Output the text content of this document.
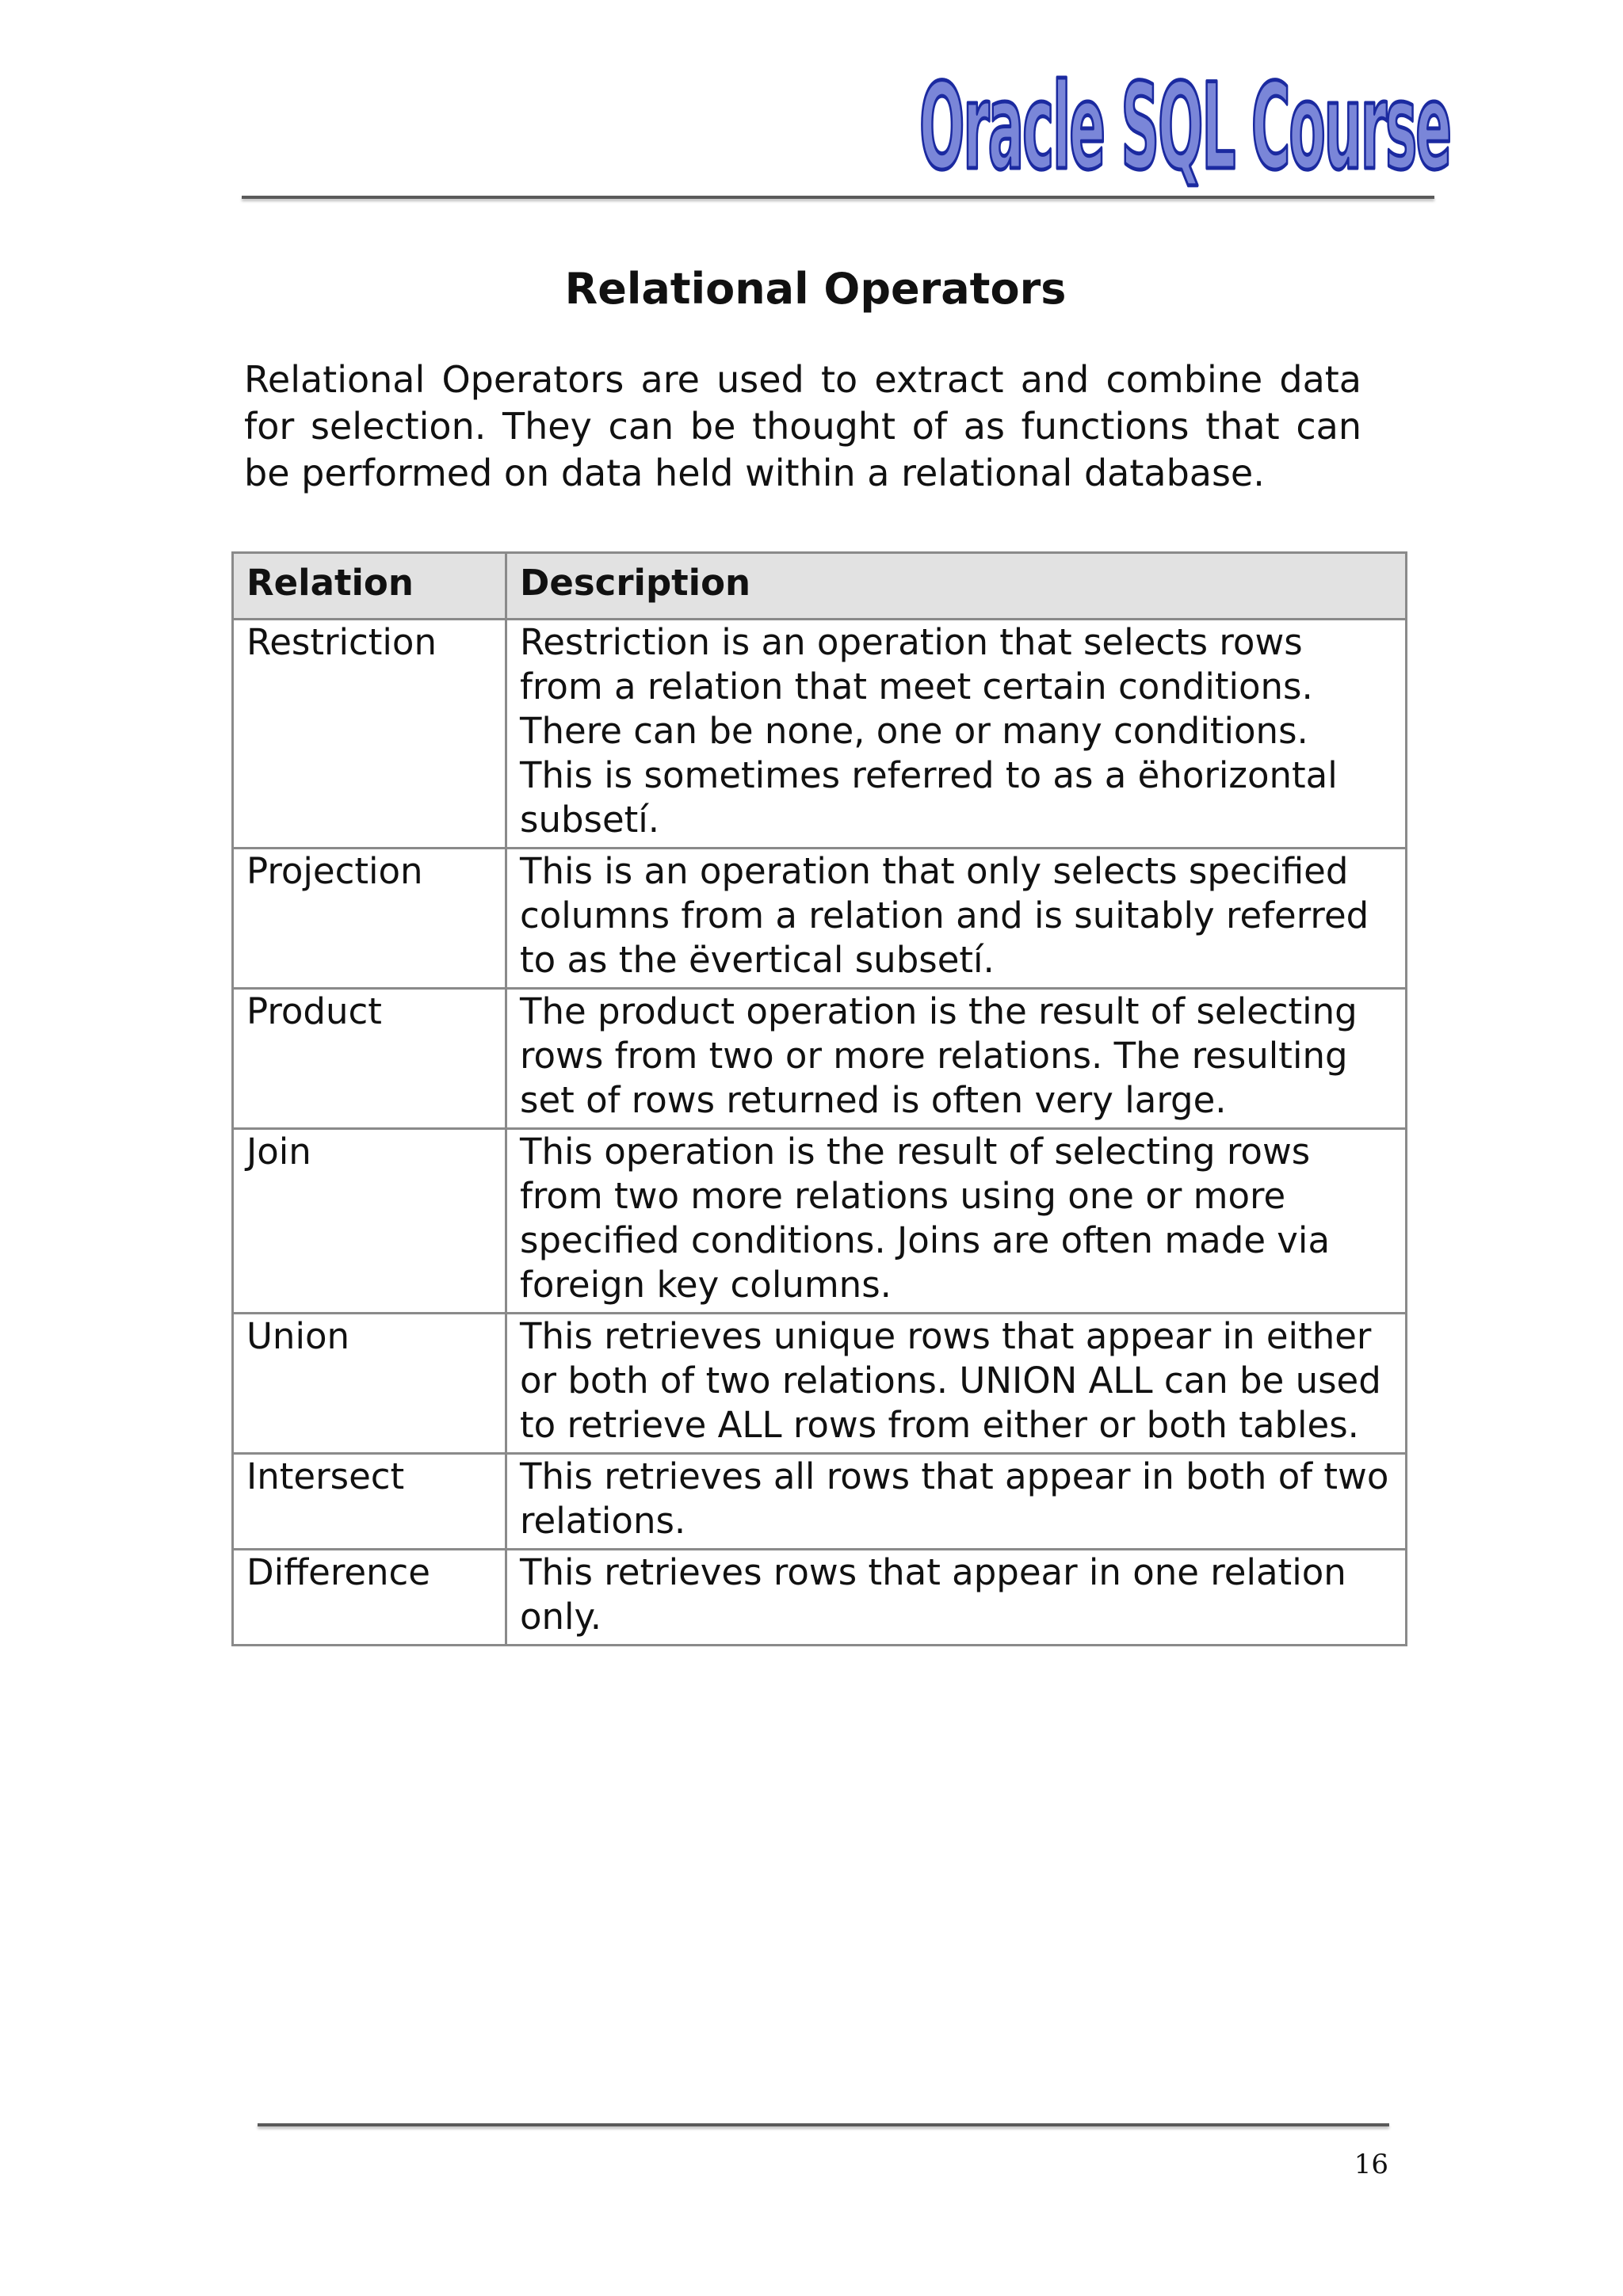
Oracle SQL Course
Relational Operators
Relational Operators are used to extract and combine data for selection. They can be thought of as functions that can be performed on data held within a relational database.
Relation	Description
Restriction	Restriction is an operation that selects rows from a relation that meet certain conditions. There can be none, one or many conditions. This is sometimes referred to as a ëhorizontal subsetí.
Projection	This is an operation that only selects specified columns from a relation and is suitably referred to as the ëvertical subsetí.
Product	The product operation is the result of selecting rows from two or more relations. The resulting set of rows returned is often very large.
Join	This operation is the result of selecting rows from two more relations using one or more specified conditions. Joins are often made via foreign key columns.
Union	This retrieves unique rows that appear in either or both of two relations. UNION ALL can be used to retrieve ALL rows from either or both tables.
Intersect	This retrieves all rows that appear in both of two relations.
Difference	This retrieves rows that appear in one relation only.
16
